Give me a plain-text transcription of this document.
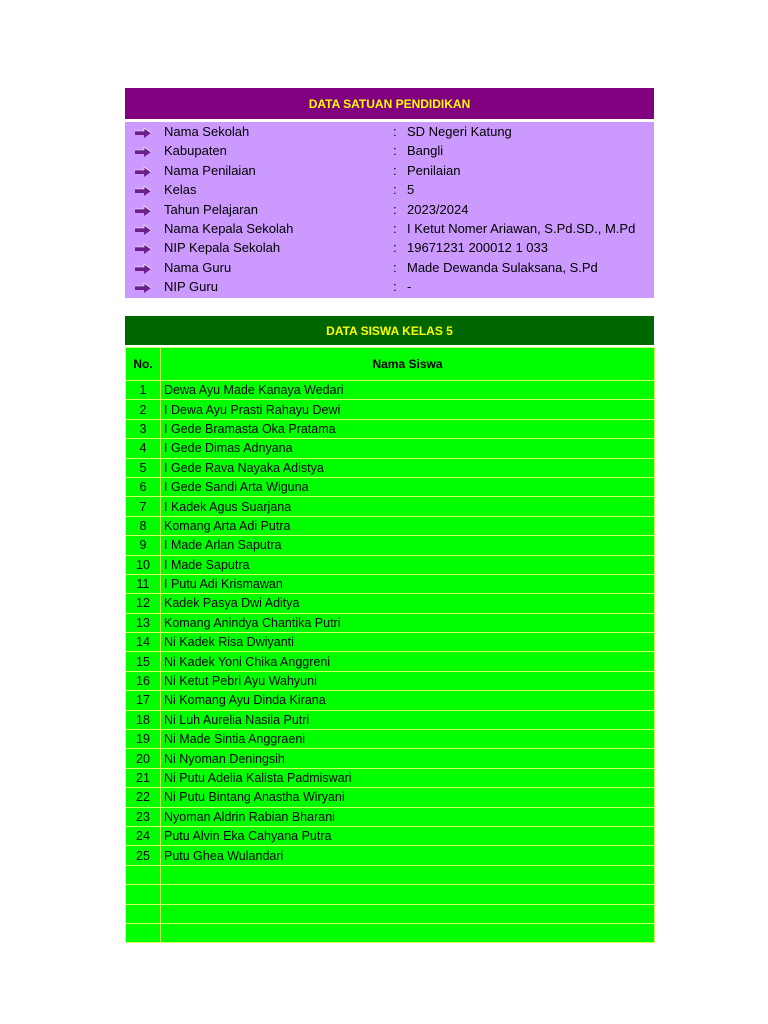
DATA SATUAN PENDIDIKAN
Nama Sekolah	: SD Negeri Katung
Kabupaten	: Bangli
Nama Penilaian	: Penilaian
Kelas	: 5
Tahun Pelajaran	: 2023/2024
Nama Kepala Sekolah	: I Ketut Nomer Ariawan, S.Pd.SD., M.Pd
NIP Kepala Sekolah	: 19671231 200012 1 033
Nama Guru	: Made Dewanda Sulaksana, S.Pd
NIP Guru	: -
DATA SISWA KELAS 5
No.	Nama Siswa
1	Dewa Ayu Made Kanaya Wedari
2	I Dewa Ayu Prasti Rahayu Dewi
3	I Gede Bramasta Oka Pratama
4	I Gede Dimas Adnyana
5	I Gede Rava Nayaka Adistya
6	I Gede Sandi Arta Wiguna
7	I Kadek Agus Suarjana
8	Komang Arta Adi Putra
9	I Made Arlan Saputra
10	I Made Saputra
11	I Putu Adi Krismawan
12	Kadek Pasya Dwi Aditya
13	Komang Anindya Chantika Putri
14	Ni Kadek Risa Dwiyanti
15	Ni Kadek Yoni Chika Anggreni
16	Ni Ketut Pebri Ayu Wahyuni
17	Ni Komang Ayu Dinda Kirana
18	Ni Luh Aurelia Nasila Putri
19	Ni Made Sintia Anggraeni
20	Ni Nyoman Deningsih
21	Ni Putu Adelia Kalista Padmiswari
22	Ni Putu Bintang Anastha Wiryani
23	Nyoman Aldrin Rabian Bharani
24	Putu Alvin Eka Cahyana Putra
25	Putu Ghea Wulandari
